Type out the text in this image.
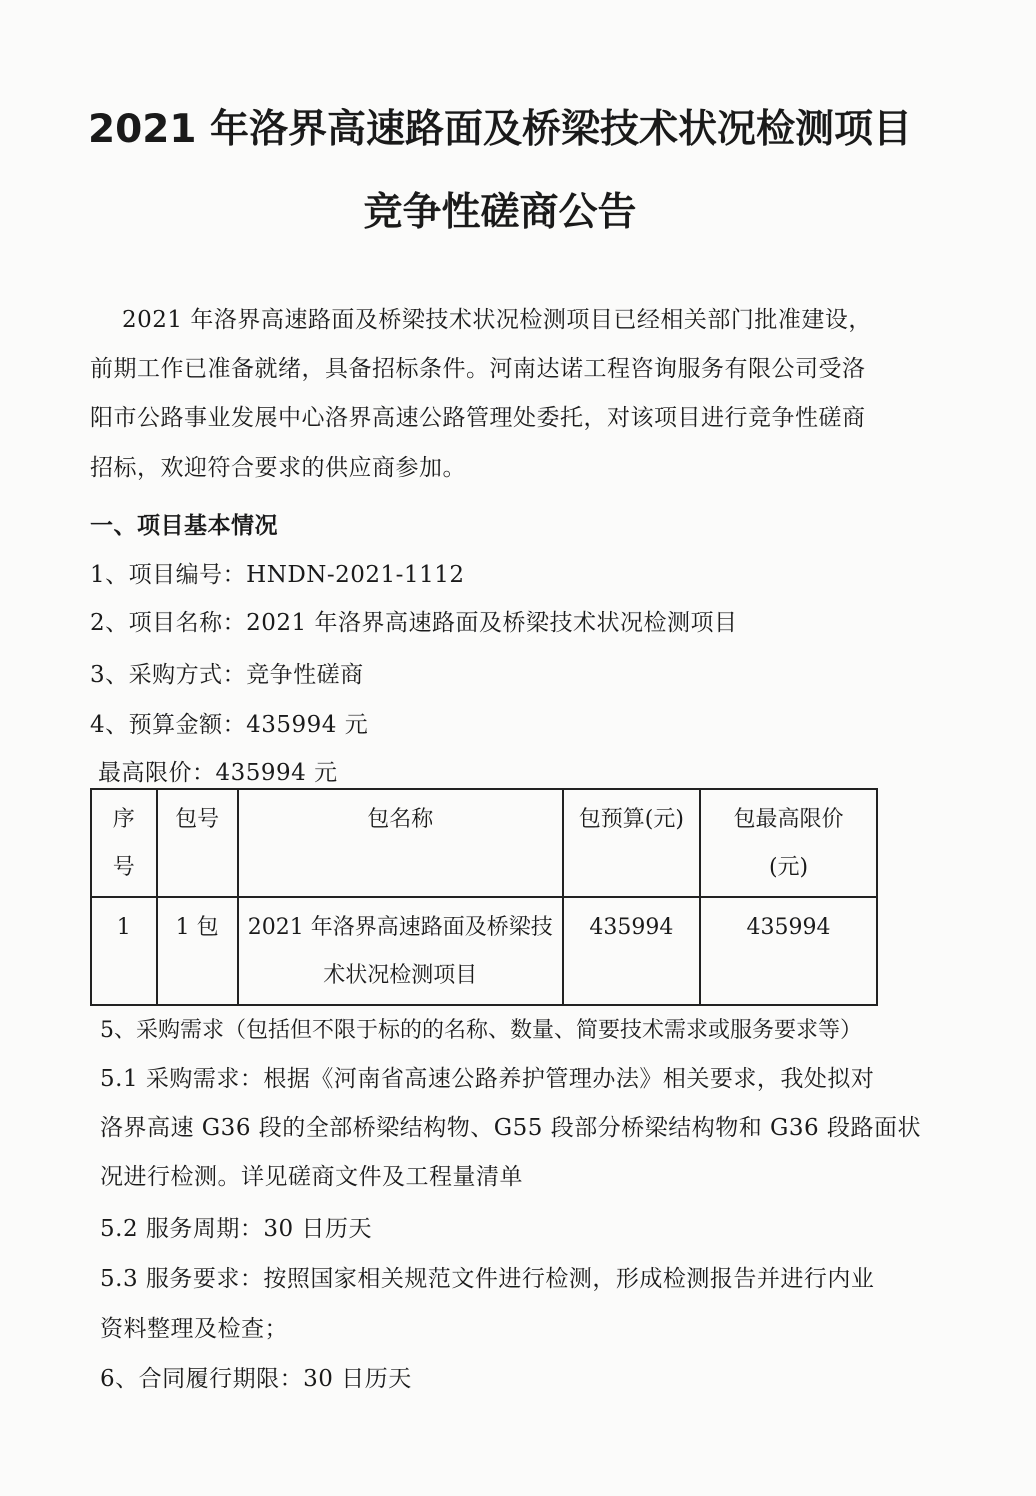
2021 年洛界高速路面及桥梁技术状况检测项目
竞争性磋商公告
2021 年洛界高速路面及桥梁技术状况检测项目已经相关部门批准建设，
前期工作已准备就绪，具备招标条件。河南达诺工程咨询服务有限公司受洛
阳市公路事业发展中心洛界高速公路管理处委托，对该项目进行竞争性磋商
招标，欢迎符合要求的供应商参加。
一、项目基本情况
1、项目编号：HNDN-2021-1112
2、项目名称：2021 年洛界高速路面及桥梁技术状况检测项目
3、采购方式：竞争性磋商
4、预算金额：435994 元
最高限价：435994 元
序
号	包号	包名称	包预算(元)	包最高限价
(元)

1	1 包	2021 年洛界高速路面及桥梁技
术状况检测项目	435994	435994
5、采购需求（包括但不限于标的的名称、数量、简要技术需求或服务要求等）
5.1 采购需求：根据《河南省高速公路养护管理办法》相关要求，我处拟对
洛界高速 G36 段的全部桥梁结构物、G55 段部分桥梁结构物和 G36 段路面状
况进行检测。详见磋商文件及工程量清单
5.2 服务周期：30 日历天
5.3 服务要求：按照国家相关规范文件进行检测，形成检测报告并进行内业
资料整理及检查；
6、合同履行期限：30 日历天
